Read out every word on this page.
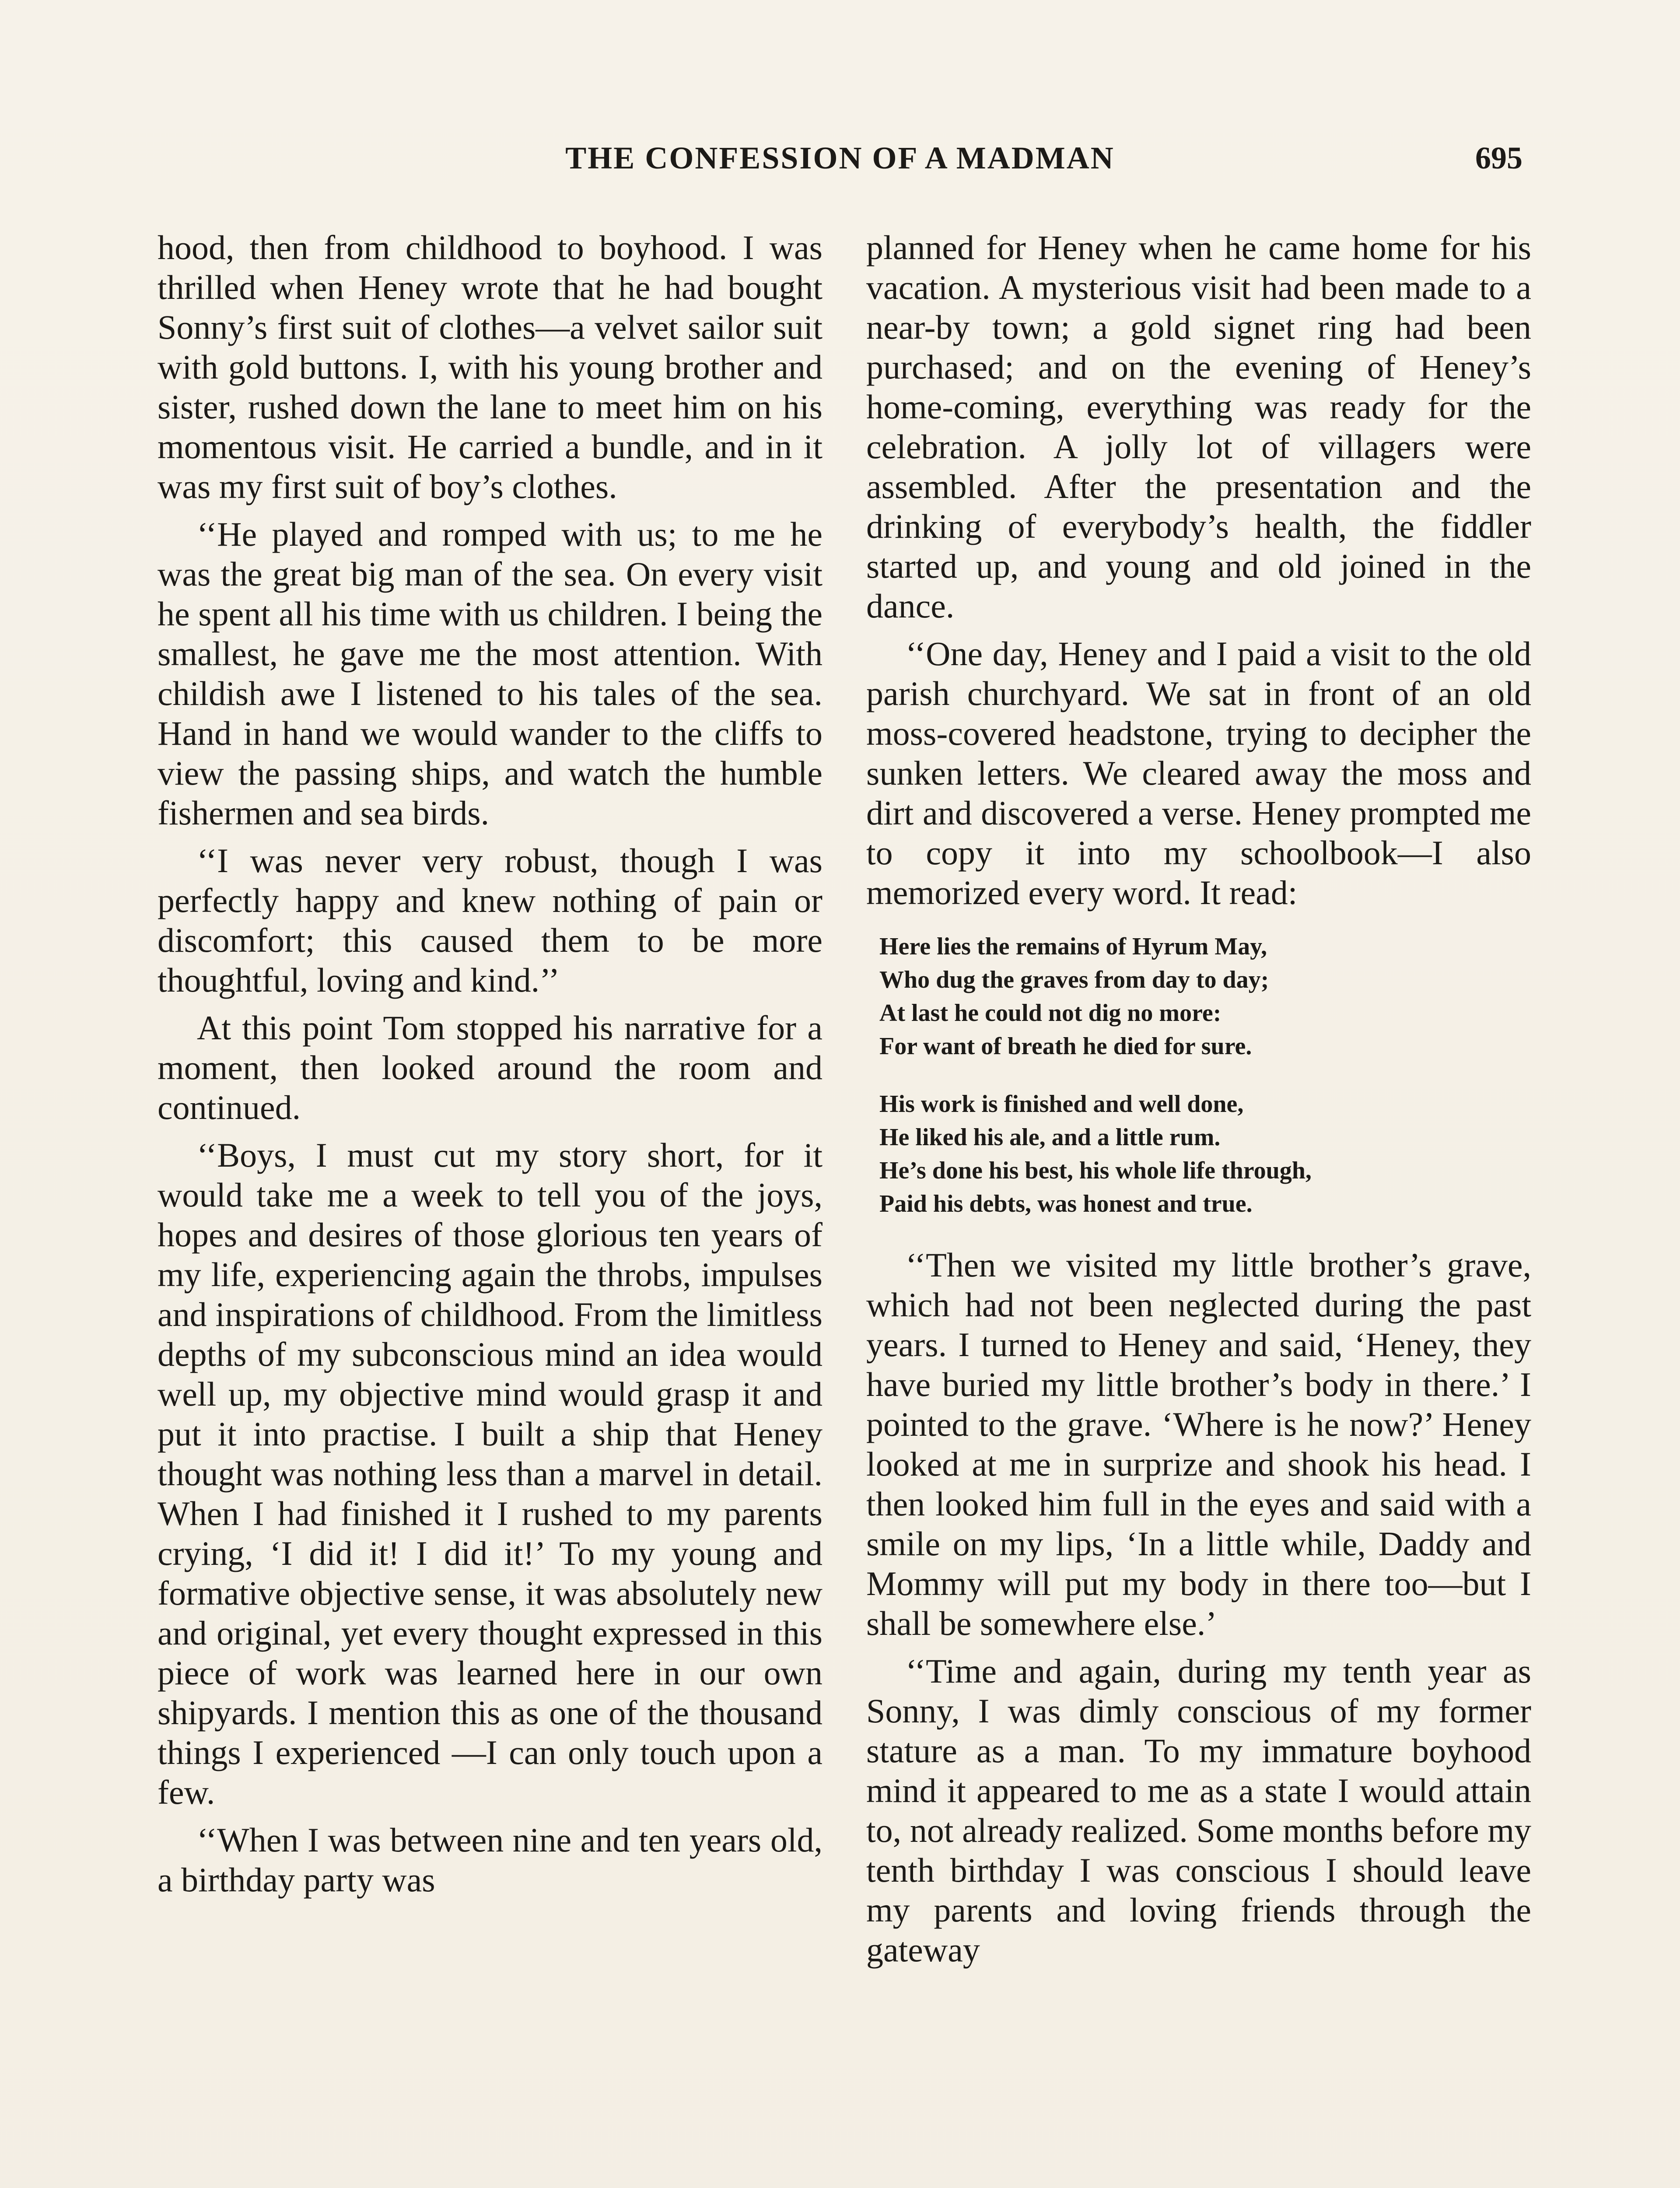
THE CONFESSION OF A MADMAN	695

hood, then from childhood to boyhood. I was thrilled when Heney wrote that he had bought Sonny’s first suit of clothes—a velvet sailor suit with gold buttons. I, with his young brother and sister, rushed down the lane to meet him on his momentous visit. He carried a bundle, and in it was my first suit of boy’s clothes.

‘‘He played and romped with us; to me he was the great big man of the sea. On every visit he spent all his time with us children. I being the smallest, he gave me the most attention. With childish awe I listened to his tales of the sea. Hand in hand we would wander to the cliffs to view the passing ships, and watch the humble fishermen and sea birds.

‘‘I was never very robust, though I was perfectly happy and knew nothing of pain or discomfort; this caused them to be more thoughtful, loving and kind.’’

At this point Tom stopped his narrative for a moment, then looked around the room and continued.

‘‘Boys, I must cut my story short, for it would take me a week to tell you of the joys, hopes and desires of those glorious ten years of my life, experiencing again the throbs, impulses and inspirations of childhood. From the limitless depths of my subconscious mind an idea would well up, my objective mind would grasp it and put it into practise. I built a ship that Heney thought was nothing less than a marvel in detail. When I had finished it I rushed to my parents crying, ‘I did it! I did it!’ To my young and formative objective sense, it was absolutely new and original, yet every thought expressed in this piece of work was learned here in our own shipyards. I mention this as one of the thousand things I experienced —I can only touch upon a few.

‘‘When I was between nine and ten years old, a birthday party was

planned for Heney when he came home for his vacation. A mysterious visit had been made to a near-by town; a gold signet ring had been purchased; and on the evening of Heney’s home-coming, everything was ready for the celebration. A jolly lot of villagers were assembled. After the presentation and the drinking of everybody’s health, the fiddler started up, and young and old joined in the dance.

‘‘One day, Heney and I paid a visit to the old parish churchyard. We sat in front of an old moss-covered headstone, trying to decipher the sunken letters. We cleared away the moss and dirt and discovered a verse. Heney prompted me to copy it into my schoolbook—I also memorized every word. It read:

Here lies the remains of Hyrum May,
Who dug the graves from day to day;
At last he could not dig no more:
For want of breath he died for sure.
His work is finished and well done,
He liked his ale, and a little rum.
He’s done his best, his whole life through,
Paid his debts, was honest and true.

‘‘Then we visited my little brother’s grave, which had not been neglected during the past years. I turned to Heney and said, ‘Heney, they have buried my little brother’s body in there.’ I pointed to the grave. ‘Where is he now?’ Heney looked at me in surprize and shook his head. I then looked him full in the eyes and said with a smile on my lips, ‘In a little while, Daddy and Mommy will put my body in there too—but I shall be somewhere else.’

‘‘Time and again, during my tenth year as Sonny, I was dimly conscious of my former stature as a man. To my immature boyhood mind it appeared to me as a state I would attain to, not already realized. Some months before my tenth birthday I was conscious I should leave my parents and loving friends through the gateway
